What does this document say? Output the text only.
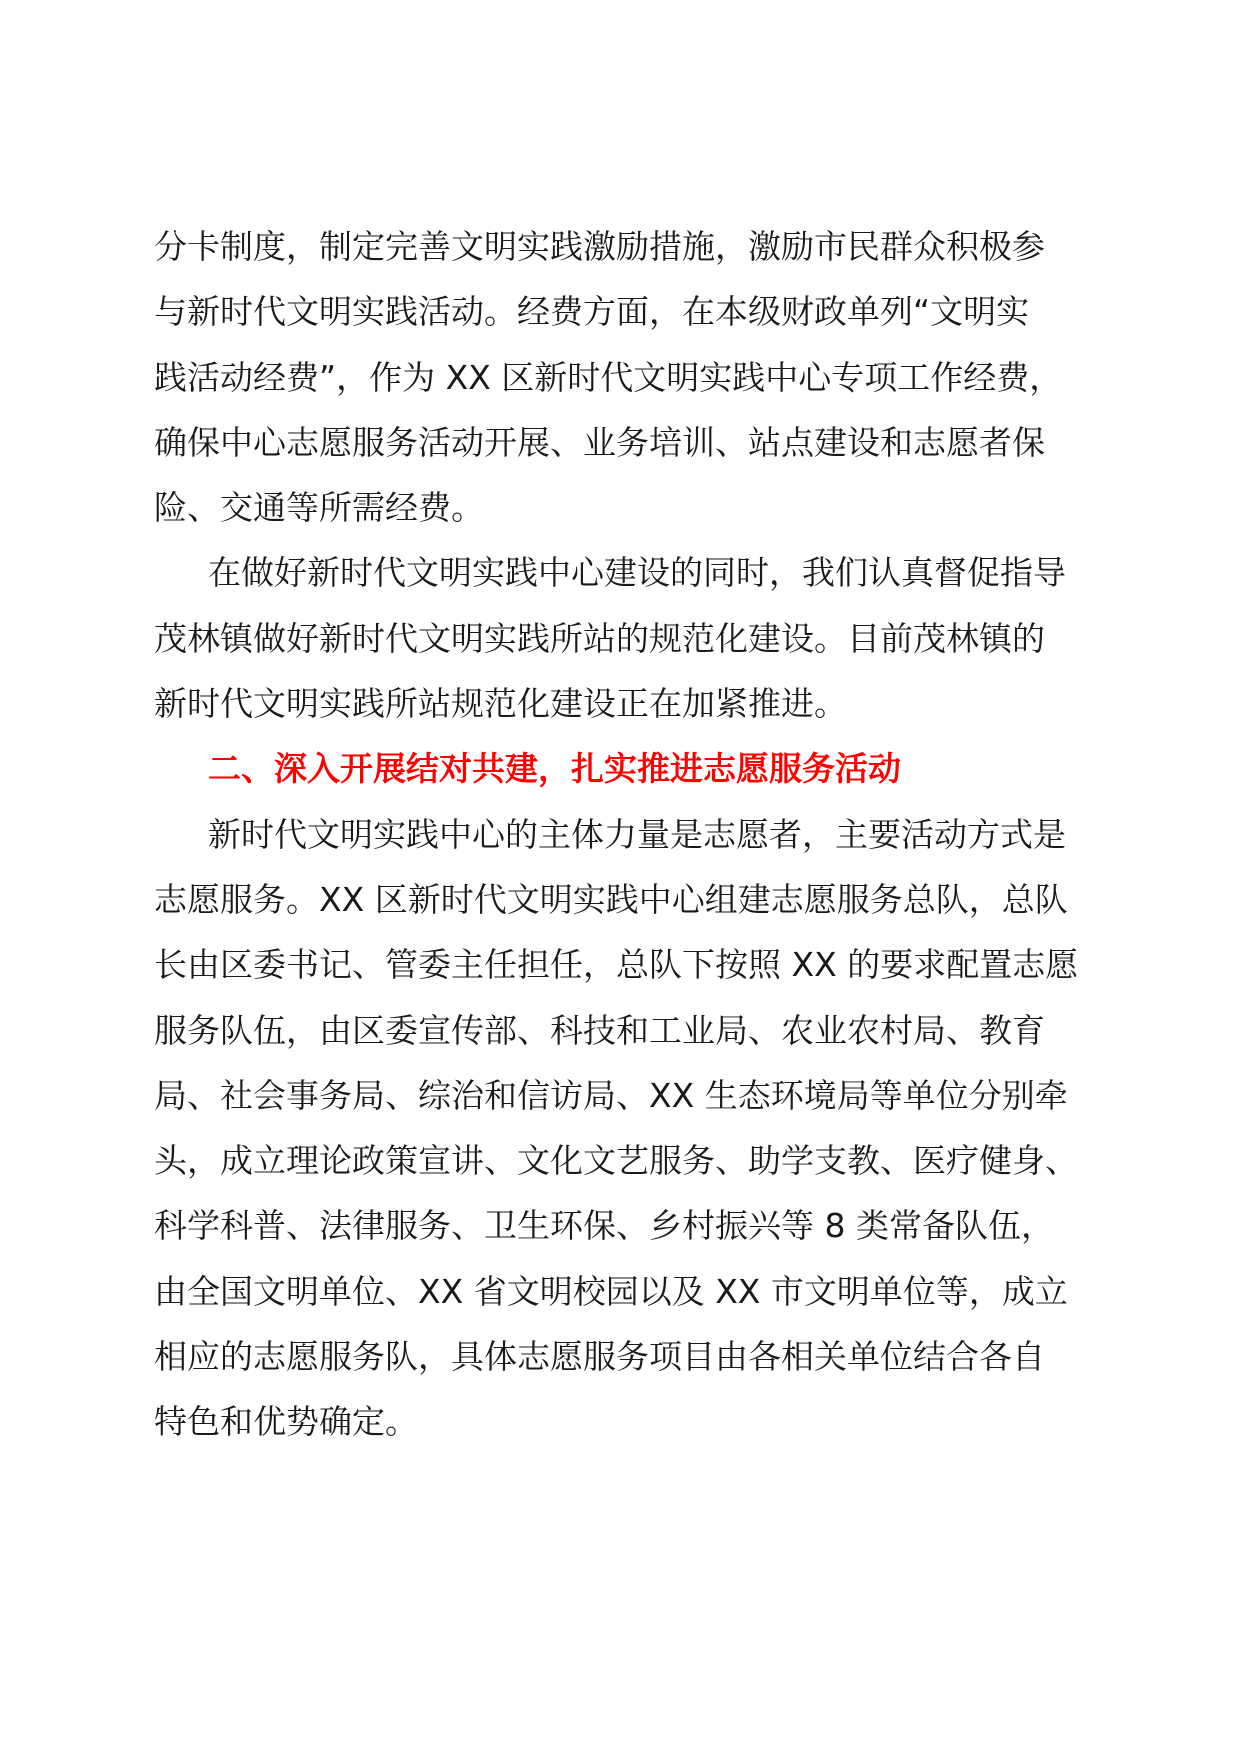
分卡制度，制定完善文明实践激励措施，激励市民群众积极参
与新时代文明实践活动。经费方面，在本级财政单列“文明实
践活动经费”，作为 XX 区新时代文明实践中心专项工作经费，
确保中心志愿服务活动开展、业务培训、站点建设和志愿者保
险、交通等所需经费。

在做好新时代文明实践中心建设的同时，我们认真督促指导
茂林镇做好新时代文明实践所站的规范化建设。目前茂林镇的
新时代文明实践所站规范化建设正在加紧推进。

二、深入开展结对共建，扎实推进志愿服务活动

新时代文明实践中心的主体力量是志愿者，主要活动方式是
志愿服务。XX 区新时代文明实践中心组建志愿服务总队，总队
长由区委书记、管委主任担任，总队下按照 XX 的要求配置志愿
服务队伍，由区委宣传部、科技和工业局、农业农村局、教育
局、社会事务局、综治和信访局、XX 生态环境局等单位分别牵
头，成立理论政策宣讲、文化文艺服务、助学支教、医疗健身、
科学科普、法律服务、卫生环保、乡村振兴等 8 类常备队伍，
由全国文明单位、XX 省文明校园以及 XX 市文明单位等，成立
相应的志愿服务队，具体志愿服务项目由各相关单位结合各自
特色和优势确定。
